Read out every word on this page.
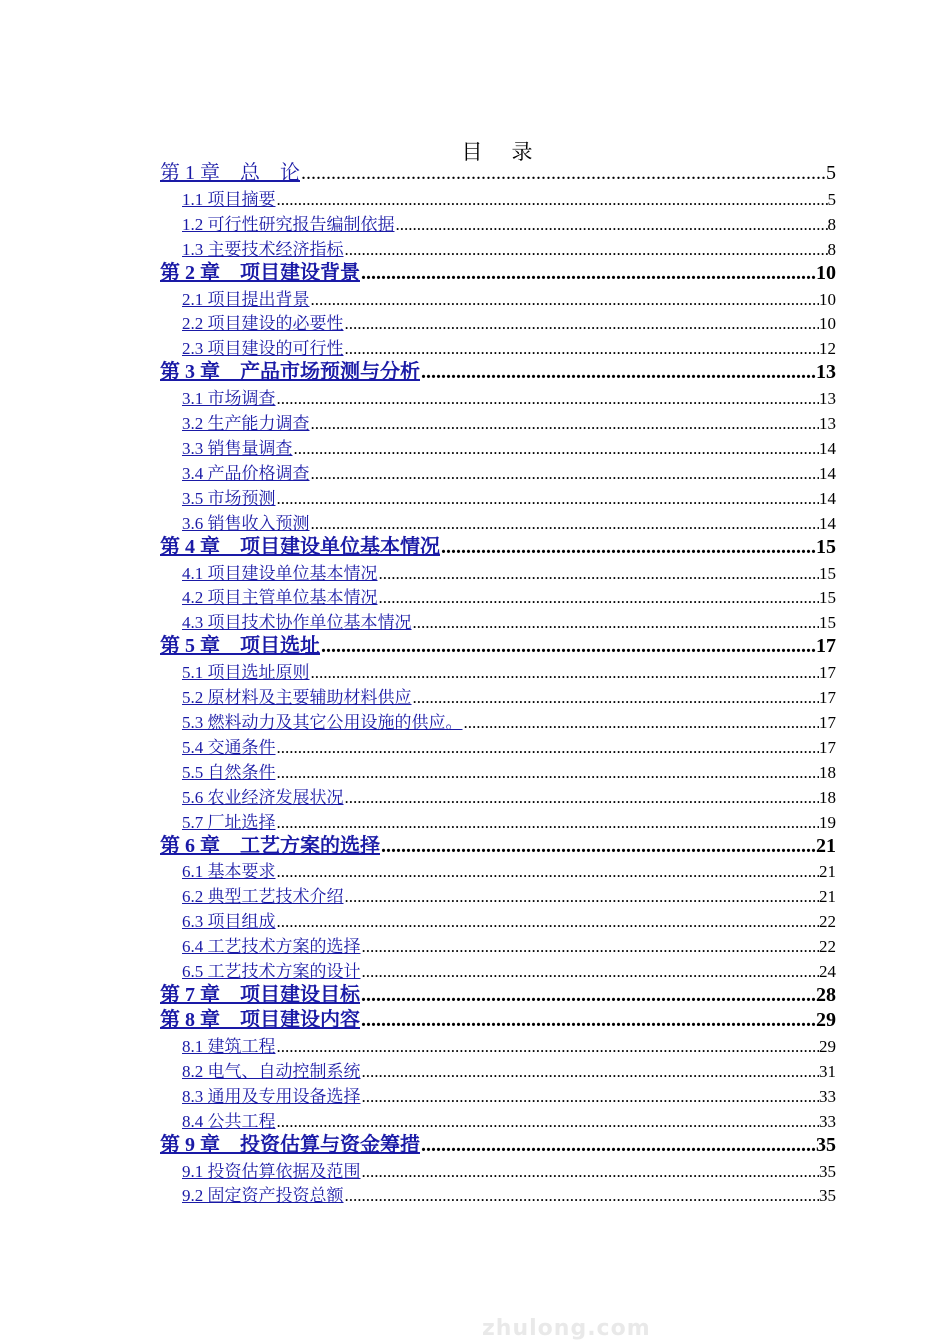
目　录
第 1 章　总　论 .....	5
1.1 项目摘要 .....	5
1.2 可行性研究报告编制依据 .....	8
1.3 主要技术经济指标 .....	8
第 2 章　项目建设背景 .....	10
2.1 项目提出背景 .....	10
2.2 项目建设的必要性 .....	10
2.3 项目建设的可行性 .....	12
第 3 章　产品市场预测与分析 .....	13
3.1 市场调查 .....	13
3.2 生产能力调查 .....	13
3.3 销售量调查 .....	14
3.4 产品价格调查 .....	14
3.5 市场预测 .....	14
3.6 销售收入预测 .....	14
第 4 章　项目建设单位基本情况 .....	15
4.1 项目建设单位基本情况 .....	15
4.2 项目主管单位基本情况 .....	15
4.3 项目技术协作单位基本情况 .....	15
第 5 章　项目选址 .....	17
5.1 项目选址原则 .....	17
5.2 原材料及主要辅助材料供应 .....	17
5.3 燃料动力及其它公用设施的供应。 .....	17
5.4 交通条件 .....	17
5.5 自然条件 .....	18
5.6 农业经济发展状况 .....	18
5.7 厂址选择 .....	19
第 6 章　工艺方案的选择 .....	21
6.1 基本要求 .....	21
6.2 典型工艺技术介绍 .....	21
6.3 项目组成 .....	22
6.4 工艺技术方案的选择 .....	22
6.5 工艺技术方案的设计 .....	24
第 7 章　项目建设目标 .....	28
第 8 章　项目建设内容 .....	29
8.1 建筑工程 .....	29
8.2 电气、自动控制系统 .....	31
8.3 通用及专用设备选择 .....	33
8.4 公共工程 .....	33
第 9 章　投资估算与资金筹措 .....	35
9.1 投资估算依据及范围 .....	35
9.2 固定资产投资总额 .....	35
zhulong.com
